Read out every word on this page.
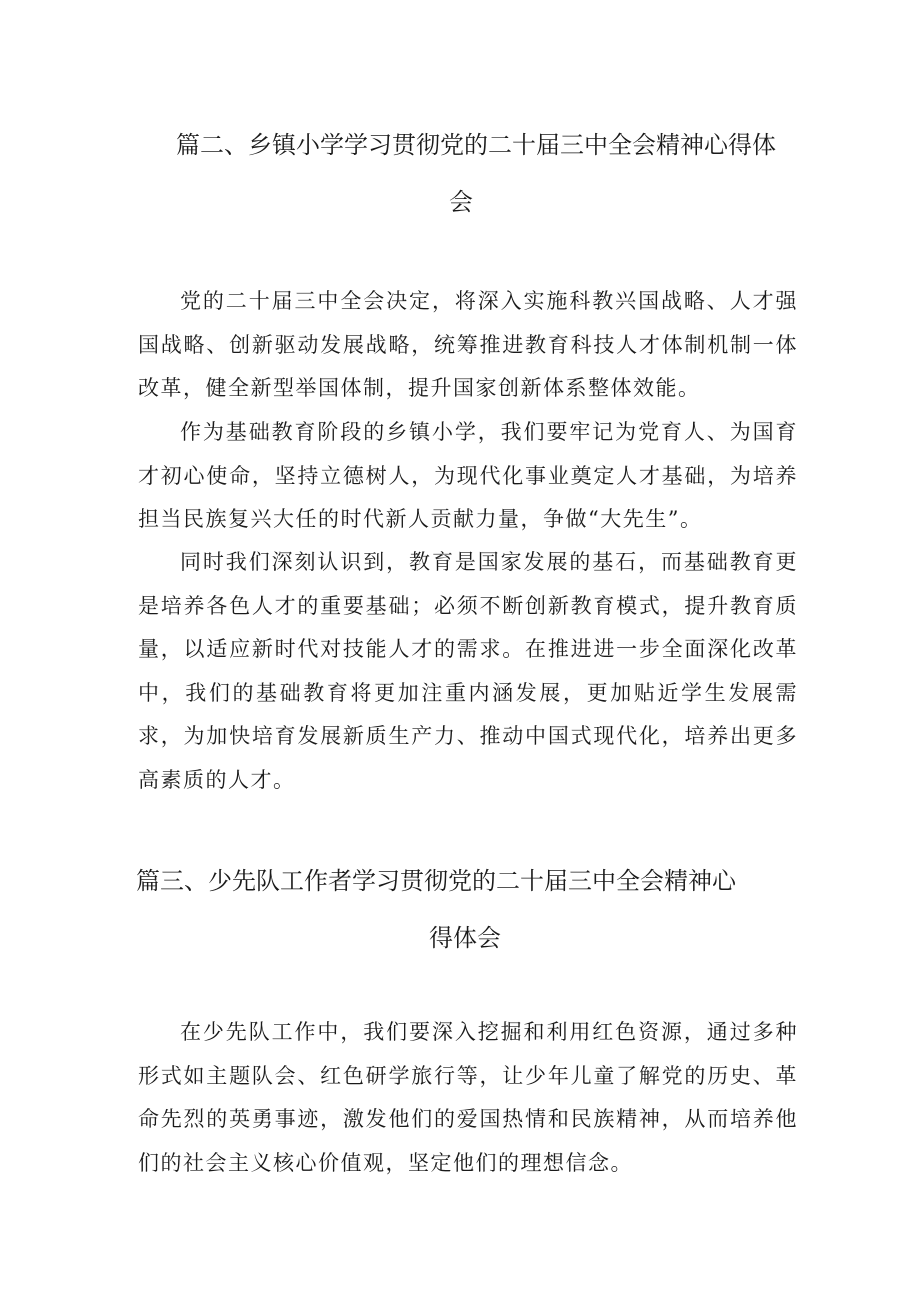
篇二、乡镇小学学习贯彻党的二十届三中全会精神心得体
会

党的二十届三中全会决定，将深入实施科教兴国战略、人才强国战略、创新驱动发展战略，统筹推进教育科技人才体制机制一体改革，健全新型举国体制，提升国家创新体系整体效能。

作为基础教育阶段的乡镇小学，我们要牢记为党育人、为国育才初心使命，坚持立德树人，为现代化事业奠定人才基础，为培养担当民族复兴大任的时代新人贡献力量，争做“大先生”。

同时我们深刻认识到，教育是国家发展的基石，而基础教育更是培养各色人才的重要基础；必须不断创新教育模式，提升教育质量，以适应新时代对技能人才的需求。在推进进一步全面深化改革中，我们的基础教育将更加注重内涵发展，更加贴近学生发展需求，为加快培育发展新质生产力、推动中国式现代化，培养出更多高素质的人才。

篇三、少先队工作者学习贯彻党的二十届三中全会精神心
得体会

在少先队工作中，我们要深入挖掘和利用红色资源，通过多种形式如主题队会、红色研学旅行等，让少年儿童了解党的历史、革命先烈的英勇事迹，激发他们的爱国热情和民族精神，从而培养他们的社会主义核心价值观，坚定他们的理想信念。
